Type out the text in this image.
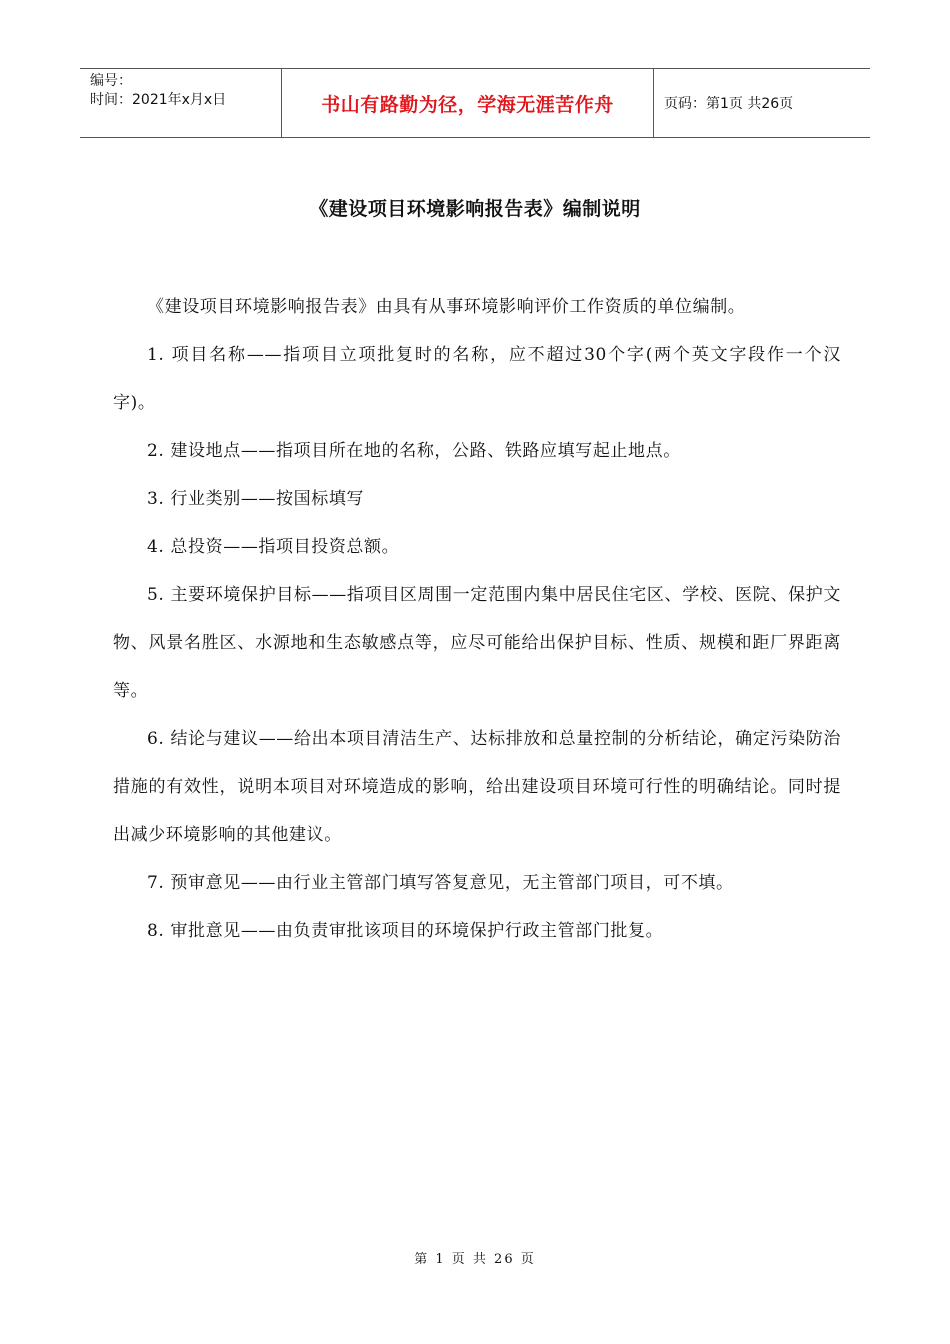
编号：
时间：2021年x月x日	书山有路勤为径，学海无涯苦作舟	页码：第1页 共26页
《建设项目环境影响报告表》编制说明

《建设项目环境影响报告表》由具有从事环境影响评价工作资质的单位编制。

1. 项目名称——指项目立项批复时的名称，应不超过30个字(两个英文字段作一个汉字)。

2. 建设地点——指项目所在地的名称，公路、铁路应填写起止地点。

3. 行业类别——按国标填写

4. 总投资——指项目投资总额。

5. 主要环境保护目标——指项目区周围一定范围内集中居民住宅区、学校、医院、保护文物、风景名胜区、水源地和生态敏感点等，应尽可能给出保护目标、性质、规模和距厂界距离等。

6. 结论与建议——给出本项目清洁生产、达标排放和总量控制的分析结论，确定污染防治措施的有效性，说明本项目对环境造成的影响，给出建设项目环境可行性的明确结论。同时提出减少环境影响的其他建议。

7. 预审意见——由行业主管部门填写答复意见，无主管部门项目，可不填。

8. 审批意见——由负责审批该项目的环境保护行政主管部门批复。

第 1 页 共 26 页
